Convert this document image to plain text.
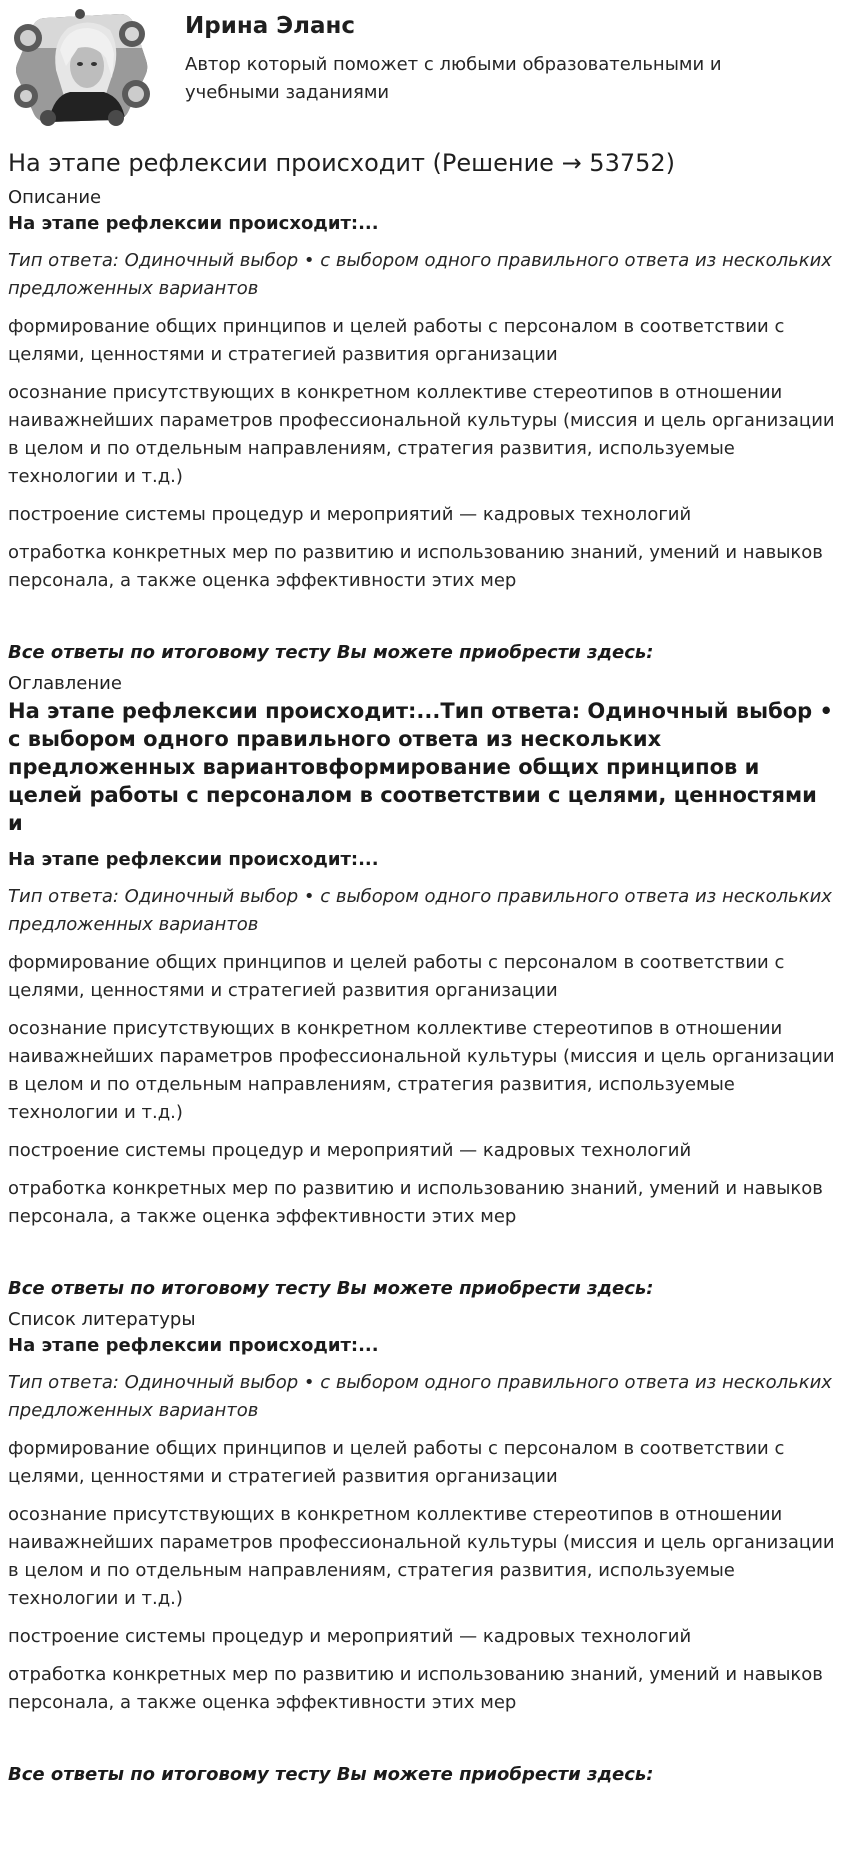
Ирина Эланс
Автор который поможет с любыми образовательными и учебными заданиями
На этапе рефлексии происходит (Решение → 53752)

Описание

На этапе рефлексии происходит:...

Тип ответа: Одиночный выбор • с выбором одного правильного ответа из нескольких предложенных вариантов

формирование общих принципов и целей работы с персоналом в соответствии с целями, ценностями и стратегией развития организации

осознание присутствующих в конкретном коллективе стереотипов в отношении наиважнейших параметров профессиональной культуры (миссия и цель организации в целом и по отдельным направлениям, стратегия развития, используемые технологии и т.д.)

построение системы процедур и мероприятий — кадровых технологий

отработка конкретных мер по развитию и использованию знаний, умений и навыков персонала, а также оценка эффективности этих мер

Все ответы по итоговому тесту Вы можете приобрести здесь:

Оглавление

На этапе рефлексии происходит:...Тип ответа: Одиночный выбор • с выбором одного правильного ответа из нескольких предложенных вариантовформирование общих принципов и целей работы с персоналом в соответствии с целями, ценностями и

На этапе рефлексии происходит:...

Тип ответа: Одиночный выбор • с выбором одного правильного ответа из нескольких предложенных вариантов

формирование общих принципов и целей работы с персоналом в соответствии с целями, ценностями и стратегией развития организации

осознание присутствующих в конкретном коллективе стереотипов в отношении наиважнейших параметров профессиональной культуры (миссия и цель организации в целом и по отдельным направлениям, стратегия развития, используемые технологии и т.д.)

построение системы процедур и мероприятий — кадровых технологий

отработка конкретных мер по развитию и использованию знаний, умений и навыков персонала, а также оценка эффективности этих мер

Все ответы по итоговому тесту Вы можете приобрести здесь:

Список литературы

На этапе рефлексии происходит:...

Тип ответа: Одиночный выбор • с выбором одного правильного ответа из нескольких предложенных вариантов

формирование общих принципов и целей работы с персоналом в соответствии с целями, ценностями и стратегией развития организации

осознание присутствующих в конкретном коллективе стереотипов в отношении наиважнейших параметров профессиональной культуры (миссия и цель организации в целом и по отдельным направлениям, стратегия развития, используемые технологии и т.д.)

построение системы процедур и мероприятий — кадровых технологий

отработка конкретных мер по развитию и использованию знаний, умений и навыков персонала, а также оценка эффективности этих мер

Все ответы по итоговому тесту Вы можете приобрести здесь:
